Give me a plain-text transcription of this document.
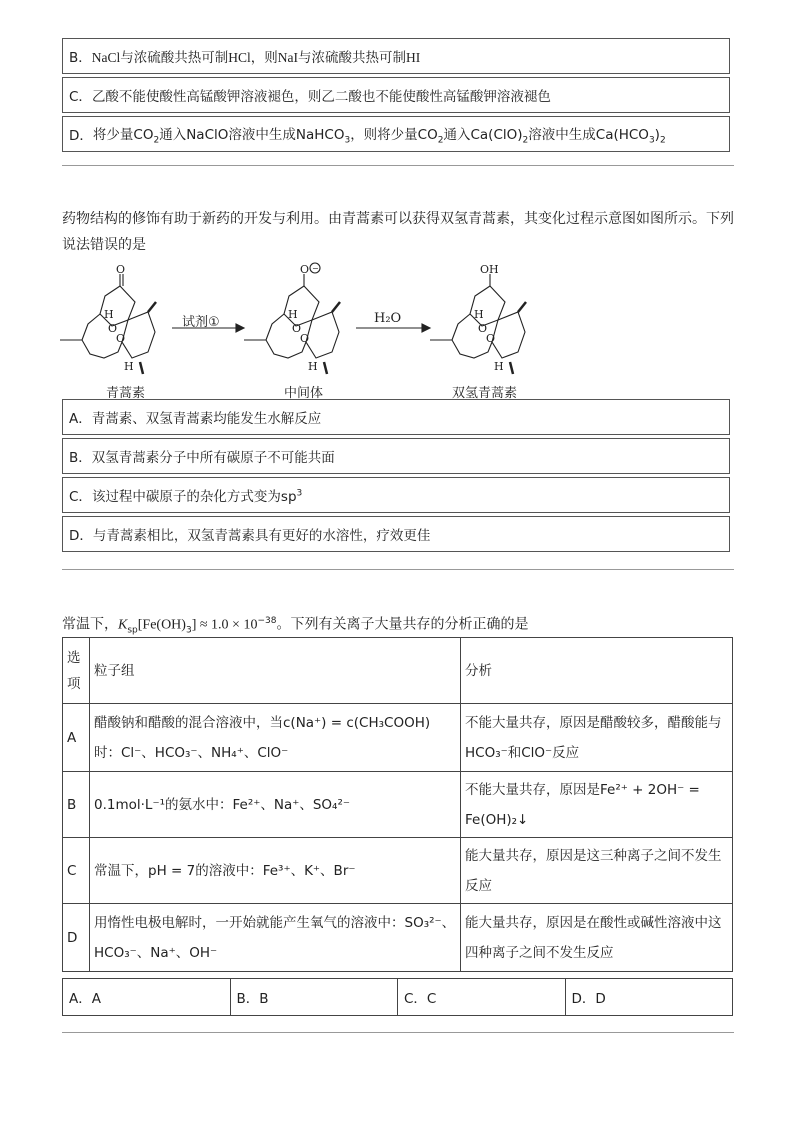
B． NaCl与浓硫酸共热可制HCl，则NaI与浓硫酸共热可制HI
C． 乙酸不能使酸性高锰酸钾溶液褪色，则乙二酸也不能使酸性高锰酸钾溶液褪色
D． 将少量$CO_2$通入NaClO溶液中生成NaHCO$_3$，则将少量$CO_2$通入$Ca(ClO)_2$溶液中生成$Ca(HCO_3)_2$
药物结构的修饰有助于新药的开发与利用。由青蒿素可以获得双氢青蒿素，其变化过程示意图如图所示。下列说法错误的是
O	O	OH
H
O
O
H
O
O
H
O
O
H	H	H
−
试剂①	H₂O
青蒿素	中间体	双氢青蒿素
A． 青蒿素、双氢青蒿素均能发生水解反应
B． 双氢青蒿素分子中所有碳原子不可能共面
C． 该过程中碳原子的杂化方式变为$sp^3$
D． 与青蒿素相比，双氢青蒿素具有更好的水溶性，疗效更佳
常温下，$K_{sp}[Fe(OH)_3] \approx 1.0 \times 10^{-38}$。下列有关离子大量共存的分析正确的是
选项	粒子组	分析
A	醋酸钠和醋酸的混合溶液中，当c(Na⁺) = c(CH₃COOH)时：Cl⁻、HCO₃⁻、NH₄⁺、ClO⁻	不能大量共存，原因是醋酸较多，醋酸能与HCO₃⁻和ClO⁻反应
B	0.1mol·L⁻¹的氨水中：Fe²⁺、Na⁺、SO₄²⁻	不能大量共存，原因是Fe²⁺ + 2OH⁻ = Fe(OH)₂↓
C	常温下，pH = 7的溶液中：Fe³⁺、K⁺、Br⁻	能大量共存，原因是这三种离子之间不发生反应
D	用惰性电极电解时，一开始就能产生氧气的溶液中：SO₃²⁻、HCO₃⁻、Na⁺、OH⁻	能大量共存，原因是在酸性或碱性溶液中这四种离子之间不发生反应
A．A	B．B	C．C	D．D
